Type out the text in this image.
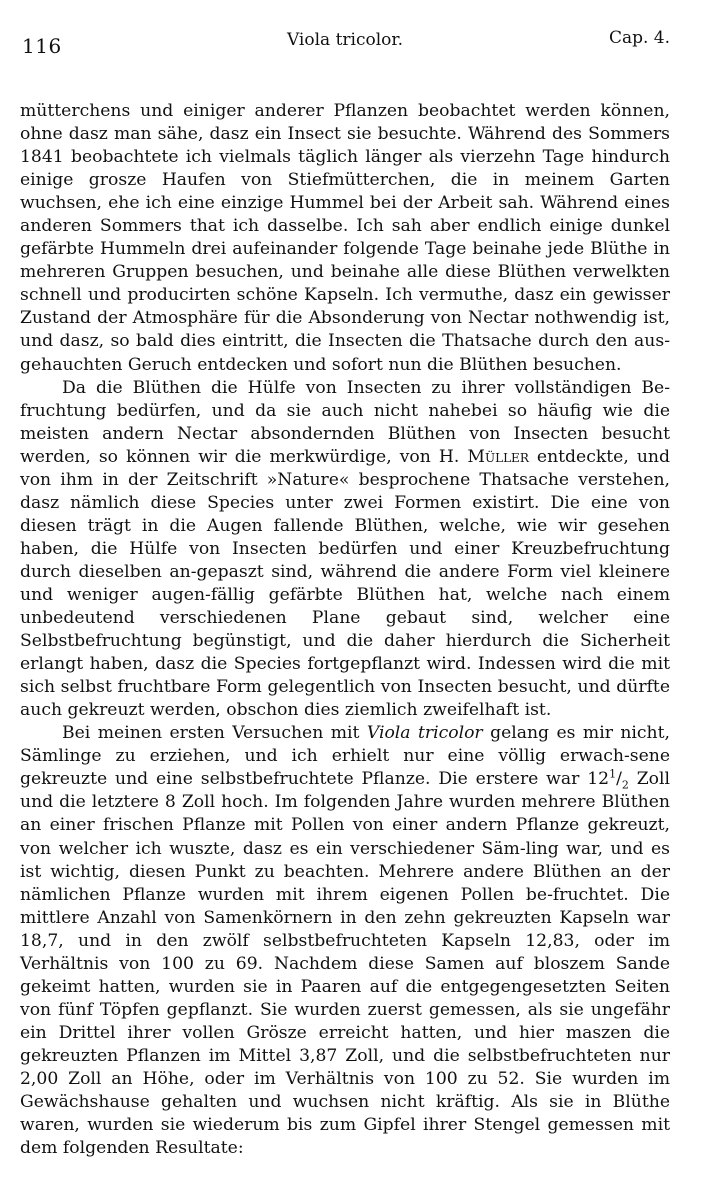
116	Viola tricolor.	Cap. 4.

mütterchens und einiger anderer Pflanzen beobachtet werden können, ohne dasz man sähe, dasz ein Insect sie besuchte. Während des Sommers 1841 beobachtete ich vielmals täglich länger als vierzehn Tage hindurch einige grosze Haufen von Stiefmütterchen, die in meinem Garten wuchsen, ehe ich eine einzige Hummel bei der Arbeit sah. Während eines anderen Sommers that ich dasselbe. Ich sah aber endlich einige dunkel gefärbte Hummeln drei aufeinander folgende Tage beinahe jede Blüthe in mehreren Gruppen besuchen, und beinahe alle diese Blüthen verwelkten schnell und producirten schöne Kapseln. Ich vermuthe, dasz ein gewisser Zustand der Atmosphäre für die Absonderung von Nectar nothwendig ist, und dasz, so bald dies eintritt, die Insecten die Thatsache durch den aus-gehauchten Geruch entdecken und sofort nun die Blüthen besuchen.

Da die Blüthen die Hülfe von Insecten zu ihrer vollständigen Be-fruchtung bedürfen, und da sie auch nicht nahebei so häufig wie die meisten andern Nectar absondernden Blüthen von Insecten besucht werden, so können wir die merkwürdige, von H. Müller entdeckte, und von ihm in der Zeitschrift »Nature« besprochene Thatsache verstehen, dasz nämlich diese Species unter zwei Formen existirt. Die eine von diesen trägt in die Augen fallende Blüthen, welche, wie wir gesehen haben, die Hülfe von Insecten bedürfen und einer Kreuzbefruchtung durch dieselben an-gepaszt sind, während die andere Form viel kleinere und weniger augen-fällig gefärbte Blüthen hat, welche nach einem unbedeutend verschiedenen Plane gebaut sind, welcher eine Selbstbefruchtung begünstigt, und die daher hierdurch die Sicherheit erlangt haben, dasz die Species fortgepflanzt wird. Indessen wird die mit sich selbst fruchtbare Form gelegentlich von Insecten besucht, und dürfte auch gekreuzt werden, obschon dies ziemlich zweifelhaft ist.

Bei meinen ersten Versuchen mit Viola tricolor gelang es mir nicht, Sämlinge zu erziehen, und ich erhielt nur eine völlig erwach-sene gekreuzte und eine selbstbefruchtete Pflanze. Die erstere war $12^1/_2$ Zoll und die letztere 8 Zoll hoch. Im folgenden Jahre wurden mehrere Blüthen an einer frischen Pflanze mit Pollen von einer andern Pflanze gekreuzt, von welcher ich wuszte, dasz es ein verschiedener Säm-ling war, und es ist wichtig, diesen Punkt zu beachten. Mehrere andere Blüthen an der nämlichen Pflanze wurden mit ihrem eigenen Pollen be-fruchtet. Die mittlere Anzahl von Samenkörnern in den zehn gekreuzten Kapseln war 18,7, und in den zwölf selbstbefruchteten Kapseln 12,83, oder im Verhältnis von 100 zu 69. Nachdem diese Samen auf bloszem Sande gekeimt hatten, wurden sie in Paaren auf die entgegengesetzten Seiten von fünf Töpfen gepflanzt. Sie wurden zuerst gemessen, als sie ungefähr ein Drittel ihrer vollen Grösze erreicht hatten, und hier maszen die gekreuzten Pflanzen im Mittel 3,87 Zoll, und die selbstbefruchteten nur 2,00 Zoll an Höhe, oder im Verhältnis von 100 zu 52. Sie wurden im Gewächshause gehalten und wuchsen nicht kräftig. Als sie in Blüthe waren, wurden sie wiederum bis zum Gipfel ihrer Stengel gemessen mit dem folgenden Resultate:
